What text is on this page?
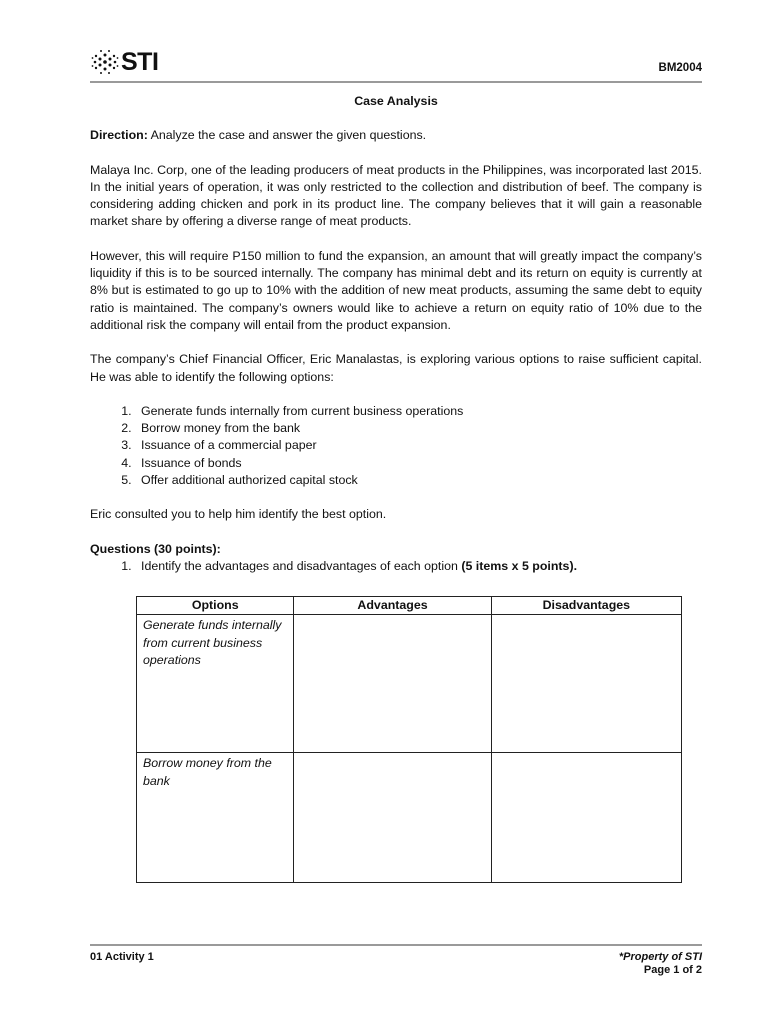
STI	BM2004

Case Analysis

Direction: Analyze the case and answer the given questions.

Malaya Inc. Corp, one of the leading producers of meat products in the Philippines, was incorporated last 2015. In the initial years of operation, it was only restricted to the collection and distribution of beef. The company is considering adding chicken and pork in its product line. The company believes that it will gain a reasonable market share by offering a diverse range of meat products.

However, this will require P150 million to fund the expansion, an amount that will greatly impact the company’s liquidity if this is to be sourced internally. The company has minimal debt and its return on equity is currently at 8% but is estimated to go up to 10% with the addition of new meat products, assuming the same debt to equity ratio is maintained. The company’s owners would like to achieve a return on equity ratio of 10% due to the additional risk the company will entail from the product expansion.

The company’s Chief Financial Officer, Eric Manalastas, is exploring various options to raise sufficient capital. He was able to identify the following options:

1. Generate funds internally from current business operations
2. Borrow money from the bank
3. Issuance of a commercial paper
4. Issuance of bonds
5. Offer additional authorized capital stock

Eric consulted you to help him identify the best option.

Questions (30 points):

1. Identify the advantages and disadvantages of each option (5 items x 5 points).
Options	Advantages	Disadvantages
Generate funds internally from current business operations		
Borrow money from the bank		
01 Activity 1	*Property of STI
Page 1 of 2
